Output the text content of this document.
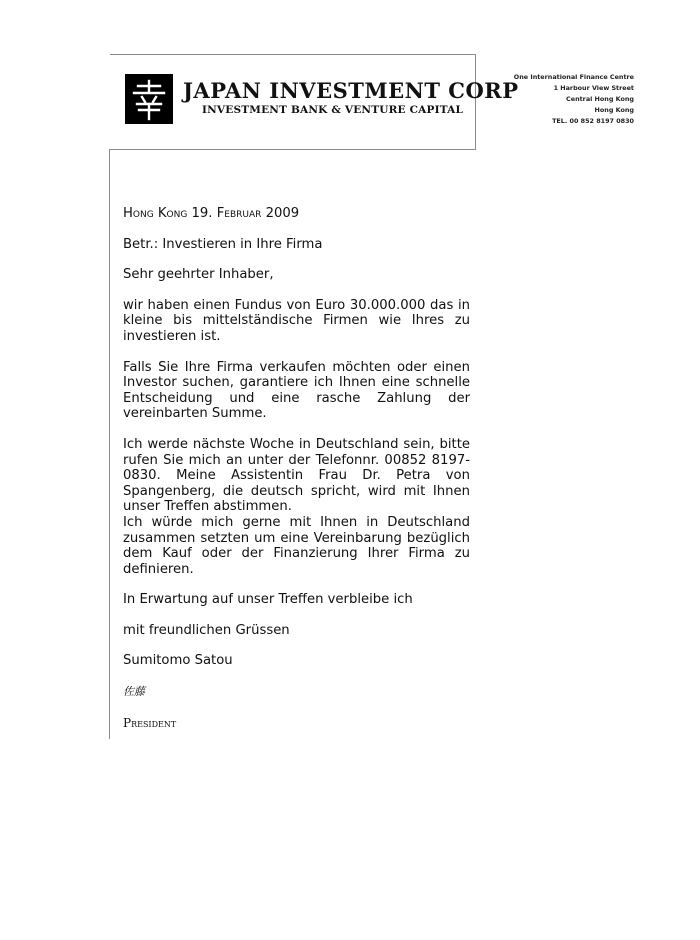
JAPAN INVESTMENT CORP
INVESTMENT BANK & VENTURE CAPITAL
One International Finance Centre
1 Harbour View Street
Central Hong Kong
Hong Kong
TEL. 00 852 8197 0830

Hong Kong 19. Februar 2009

Betr.: Investieren in Ihre Firma

Sehr geehrter Inhaber,

wir haben einen Fundus von Euro 30.000.000 das in kleine bis mittelständische Firmen wie Ihres zu investieren ist.

Falls Sie Ihre Firma verkaufen möchten oder einen Investor suchen, garantiere ich Ihnen eine schnelle Entscheidung und eine rasche Zahlung der vereinbarten Summe.

Ich werde nächste Woche in Deutschland sein, bitte rufen Sie mich an unter der Telefonnr. 00852 8197-0830. Meine Assistentin Frau Dr. Petra von Spangenberg, die deutsch spricht, wird mit Ihnen unser Treffen abstimmen.

Ich würde mich gerne mit Ihnen in Deutschland zusammen setzten um eine Vereinbarung bezüglich dem Kauf oder der Finanzierung Ihrer Firma zu definieren.

In Erwartung auf unser Treffen verbleibe ich

mit freundlichen Grüssen

Sumitomo Satou

佐藤

President
